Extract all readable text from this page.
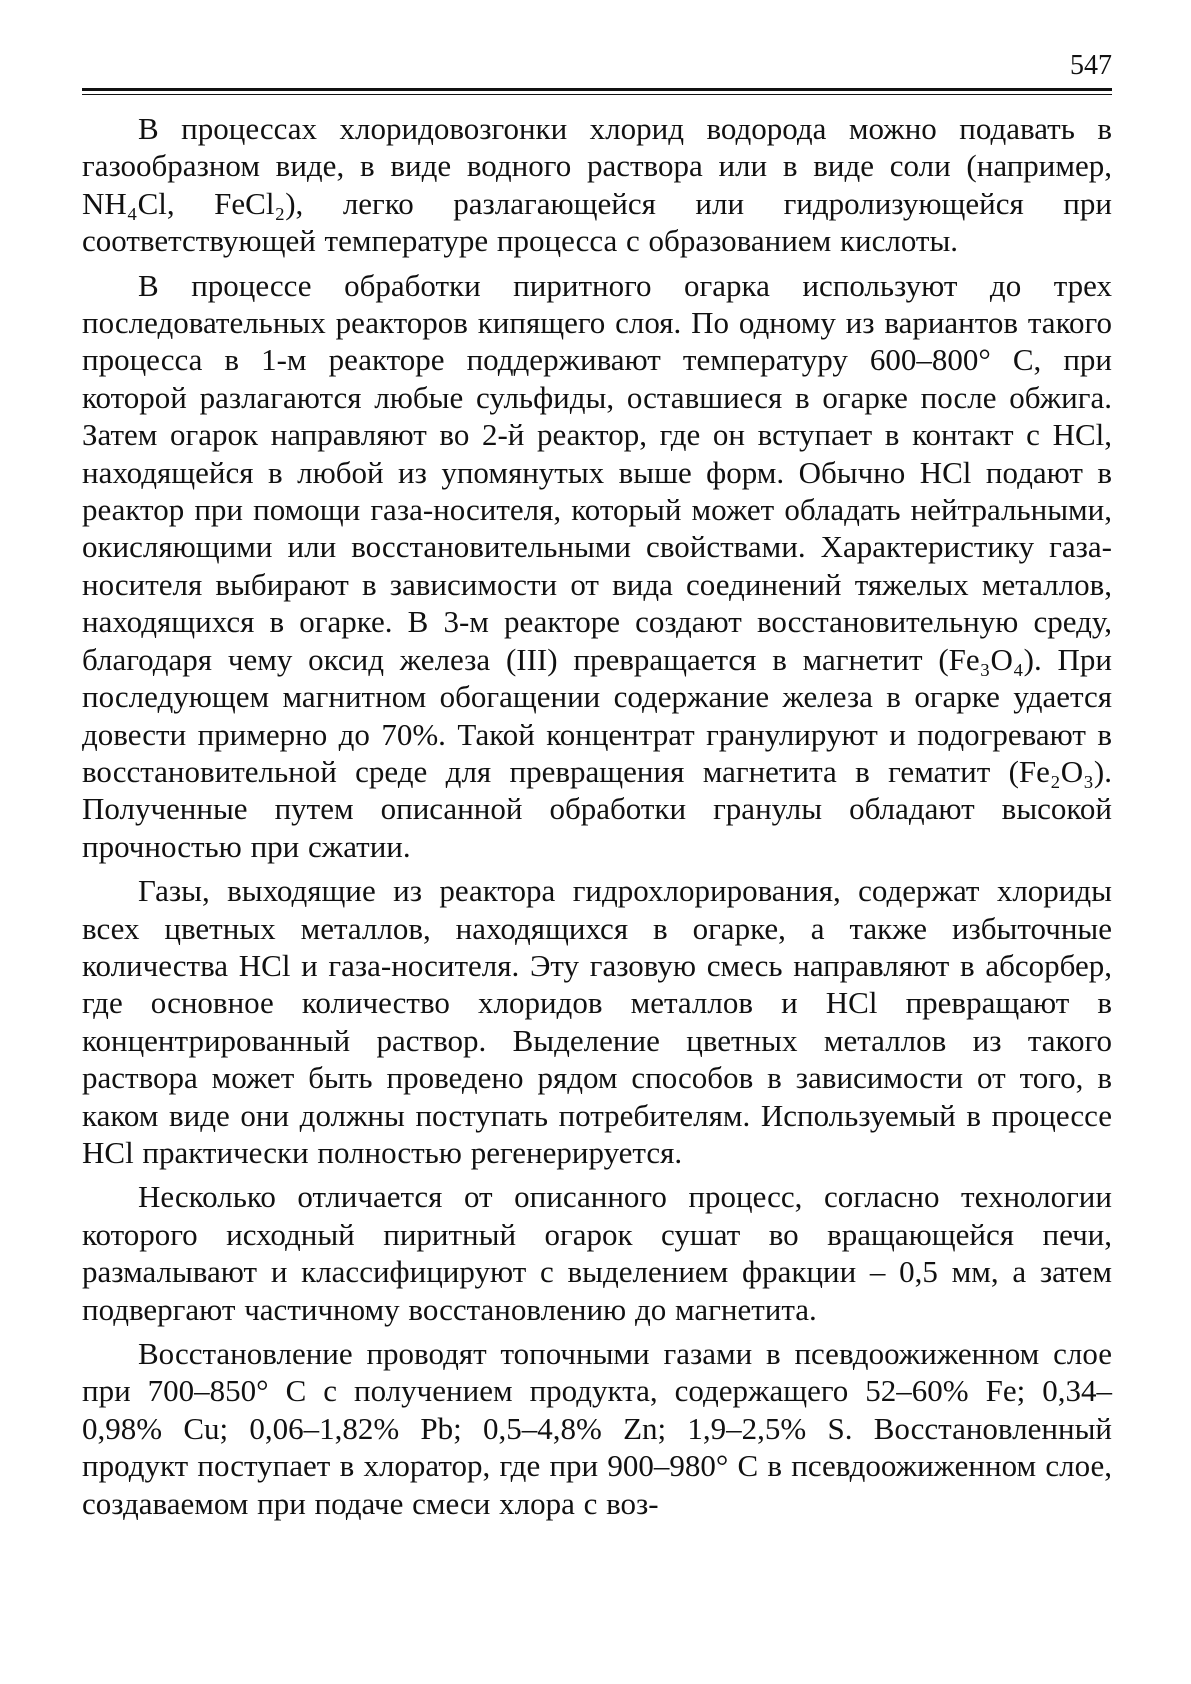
547

В процессах хлоридовозгонки хлорид водорода можно подавать в газообразном виде, в виде водного раствора или в виде соли (например, NH₄Cl, FeCl₂), легко разлагающейся или гидролизующейся при соответствующей температуре процесса с образованием кислоты.

В процессе обработки пиритного огарка используют до трех последовательных реакторов кипящего слоя. По одному из вариантов такого процесса в 1-м реакторе поддерживают температуру 600–800° С, при которой разлагаются любые сульфиды, оставшиеся в огарке после обжига. Затем огарок направляют во 2-й реактор, где он вступает в контакт с HCl, находящейся в любой из упомянутых выше форм. Обычно HCl подают в реактор при помощи газа-носителя, который может обладать нейтральными, окисляющими или восстановительными свойствами. Характеристику газа-носителя выбирают в зависимости от вида соединений тяжелых металлов, находящихся в огарке. В 3-м реакторе создают восстановительную среду, благодаря чему оксид железа (III) превращается в магнетит (Fe₃O₄). При последующем магнитном обогащении содержание железа в огарке удается довести примерно до 70%. Такой концентрат гранулируют и подогревают в восстановительной среде для превращения магнетита в гематит (Fe₂O₃). Полученные путем описанной обработки гранулы обладают высокой прочностью при сжатии.

Газы, выходящие из реактора гидрохлорирования, содержат хлориды всех цветных металлов, находящихся в огарке, а также избыточные количества HCl и газа-носителя. Эту газовую смесь направляют в абсорбер, где основное количество хлоридов металлов и HCl превращают в концентрированный раствор. Выделение цветных металлов из такого раствора может быть проведено рядом способов в зависимости от того, в каком виде они должны поступать потребителям. Используемый в процессе HCl практически полностью регенерируется.

Несколько отличается от описанного процесс, согласно технологии которого исходный пиритный огарок сушат во вращающейся печи, размалывают и классифицируют с выделением фракции – 0,5 мм, а затем подвергают частичному восстановлению до магнетита.

Восстановление проводят топочными газами в псевдоожиженном слое при 700–850° С с получением продукта, содержащего 52–60% Fe; 0,34–0,98% Cu; 0,06–1,82% Pb; 0,5–4,8% Zn; 1,9–2,5% S. Восстановленный продукт поступает в хлоратор, где при 900–980° С в псевдоожиженном слое, создаваемом при подаче смеси хлора с воз-
